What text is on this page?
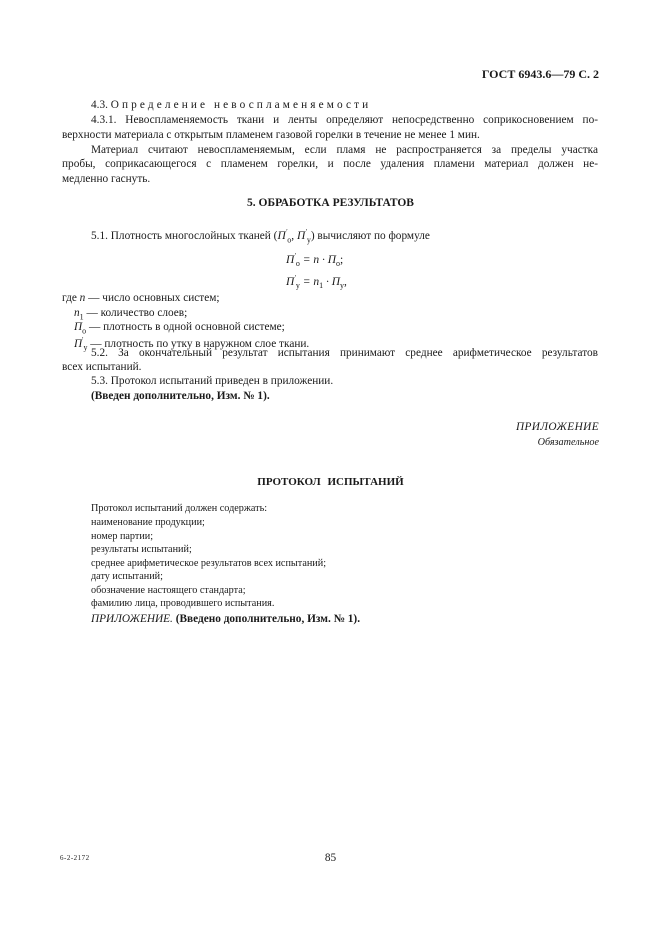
ГОСТ 6943.6—79 С. 2
4.3. Определение невоспламеняемости
4.3.1. Невоспламеняемость ткани и ленты определяют непосредственно соприкосновением по-
верхности материала с открытым пламенем газовой горелки в течение не менее 1 мин.
Материал считают невоспламеняемым, если пламя не распространяется за пределы участка
пробы, соприкасающегося с пламенем горелки, и после удаления пламени материал должен не-
медленно гаснуть.
5. ОБРАБОТКА РЕЗУЛЬТАТОВ
5.1. Плотность многослойных тканей ($П'_о$, $П'_у$) вычисляют по формуле
$П'_о = n \cdot П_о$;
$П'_у = n_1 \cdot П_у$,
где n — число основных систем;
$n_1$ — количество слоев;
$П_о$ — плотность в одной основной системе;
$П'_у$ — плотность по утку в наружном слое ткани.
5.2. За окончательный результат испытания принимают среднее арифметическое результатов
всех испытаний.
5.3. Протокол испытаний приведен в приложении.
(Введен дополнительно, Изм. № 1).
ПРИЛОЖЕНИЕ
Обязательное
ПРОТОКОЛ ИСПЫТАНИЙ
Протокол испытаний должен содержать:
наименование продукции;
номер партии;
результаты испытаний;
среднее арифметическое результатов всех испытаний;
дату испытаний;
обозначение настоящего стандарта;
фамилию лица, проводившего испытания.
ПРИЛОЖЕНИЕ. (Введено дополнительно, Изм. № 1).
6-2-2172	85
